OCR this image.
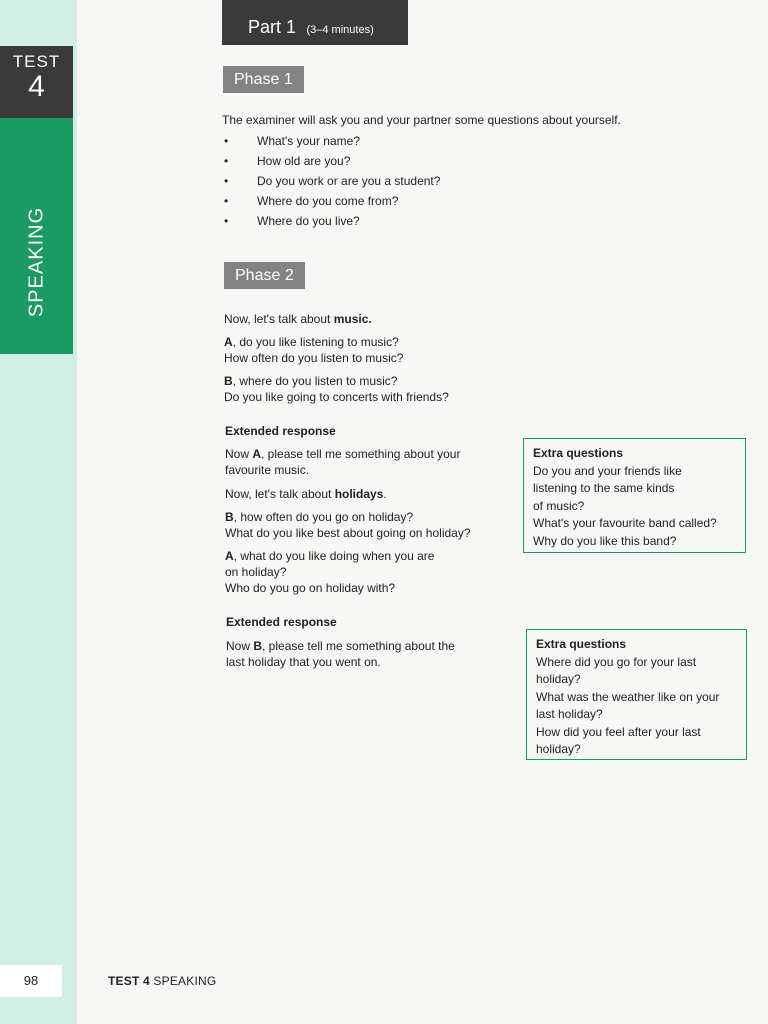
TEST
4
SPEAKING
98	TEST 4 SPEAKING
Part 1 (3–4 minutes)
Phase 1
The examiner will ask you and your partner some questions about yourself.
• What's your name?
• How old are you?
• Do you work or are you a student?
• Where do you come from?
• Where do you live?
Phase 2
Now, let's talk about music.
A, do you like listening to music?
How often do you listen to music?
B, where do you listen to music?
Do you like going to concerts with friends?
Extended response
Now A, please tell me something about your
favourite music.
Now, let's talk about holidays.
B, how often do you go on holiday?
What do you like best about going on holiday?
A, what do you like doing when you are
on holiday?
Who do you go on holiday with?
Extended response
Now B, please tell me something about the
last holiday that you went on.
Extra questions
Do you and your friends like
listening to the same kinds
of music?
What's your favourite band called?
Why do you like this band?
Extra questions
Where did you go for your last
holiday?
What was the weather like on your
last holiday?
How did you feel after your last
holiday?
